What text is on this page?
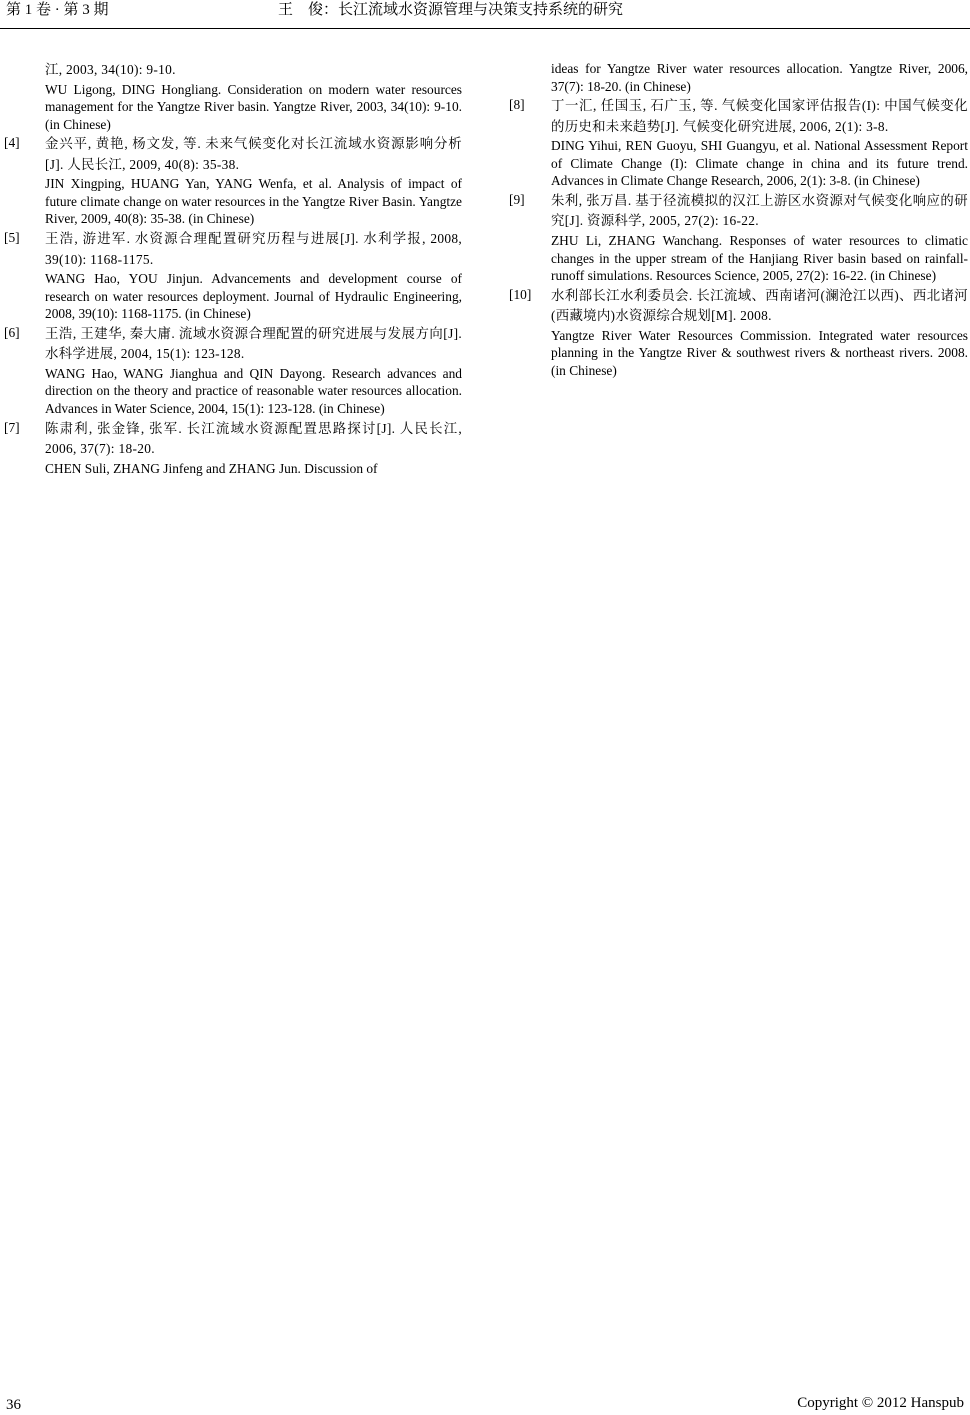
第 1 卷 · 第 3 期	王　俊：长江流域水资源管理与决策支持系统的研究
江, 2003, 34(10): 9-10.
WU Ligong, DING Hongliang. Consideration on modern water resources management for the Yangtze River basin. Yangtze River, 2003, 34(10): 9-10. (in Chinese)
[4] 金兴平, 黄艳, 杨文发, 等. 未来气候变化对长江流域水资源影响分析[J]. 人民长江, 2009, 40(8): 35-38.
JIN Xingping, HUANG Yan, YANG Wenfa, et al. Analysis of impact of future climate change on water resources in the Yangtze River Basin. Yangtze River, 2009, 40(8): 35-38. (in Chinese)
[5] 王浩, 游进军. 水资源合理配置研究历程与进展[J]. 水利学报, 2008, 39(10): 1168-1175.
WANG Hao, YOU Jinjun. Advancements and development course of research on water resources deployment. Journal of Hydraulic Engineering, 2008, 39(10): 1168-1175. (in Chinese)
[6] 王浩, 王建华, 秦大庸. 流域水资源合理配置的研究进展与发展方向[J]. 水科学进展, 2004, 15(1): 123-128.
WANG Hao, WANG Jianghua and QIN Dayong. Research advances and direction on the theory and practice of reasonable water resources allocation. Advances in Water Science, 2004, 15(1): 123-128. (in Chinese)
[7] 陈肃利, 张金锋, 张军. 长江流域水资源配置思路探讨[J]. 人民长江, 2006, 37(7): 18-20.
CHEN Suli, ZHANG Jinfeng and ZHANG Jun. Discussion of
ideas for Yangtze River water resources allocation. Yangtze River, 2006, 37(7): 18-20. (in Chinese)
[8] 丁一汇, 任国玉, 石广玉, 等. 气候变化国家评估报告(I): 中国气候变化的历史和未来趋势[J]. 气候变化研究进展, 2006, 2(1): 3-8.
DING Yihui, REN Guoyu, SHI Guangyu, et al. National Assessment Report of Climate Change (I): Climate change in china and its future trend. Advances in Climate Change Research, 2006, 2(1): 3-8. (in Chinese)
[9] 朱利, 张万昌. 基于径流模拟的汉江上游区水资源对气候变化响应的研究[J]. 资源科学, 2005, 27(2): 16-22.
ZHU Li, ZHANG Wanchang. Responses of water resources to climatic changes in the upper stream of the Hanjiang River basin based on rainfall-runoff simulations. Resources Science, 2005, 27(2): 16-22. (in Chinese)
[10] 水利部长江水利委员会. 长江流域、西南诸河(澜沧江以西)、西北诸河(西藏境内)水资源综合规划[M]. 2008.
Yangtze River Water Resources Commission. Integrated water resources planning in the Yangtze River & southwest rivers & northeast rivers. 2008. (in Chinese)
36	Copyright © 2012 Hanspub
